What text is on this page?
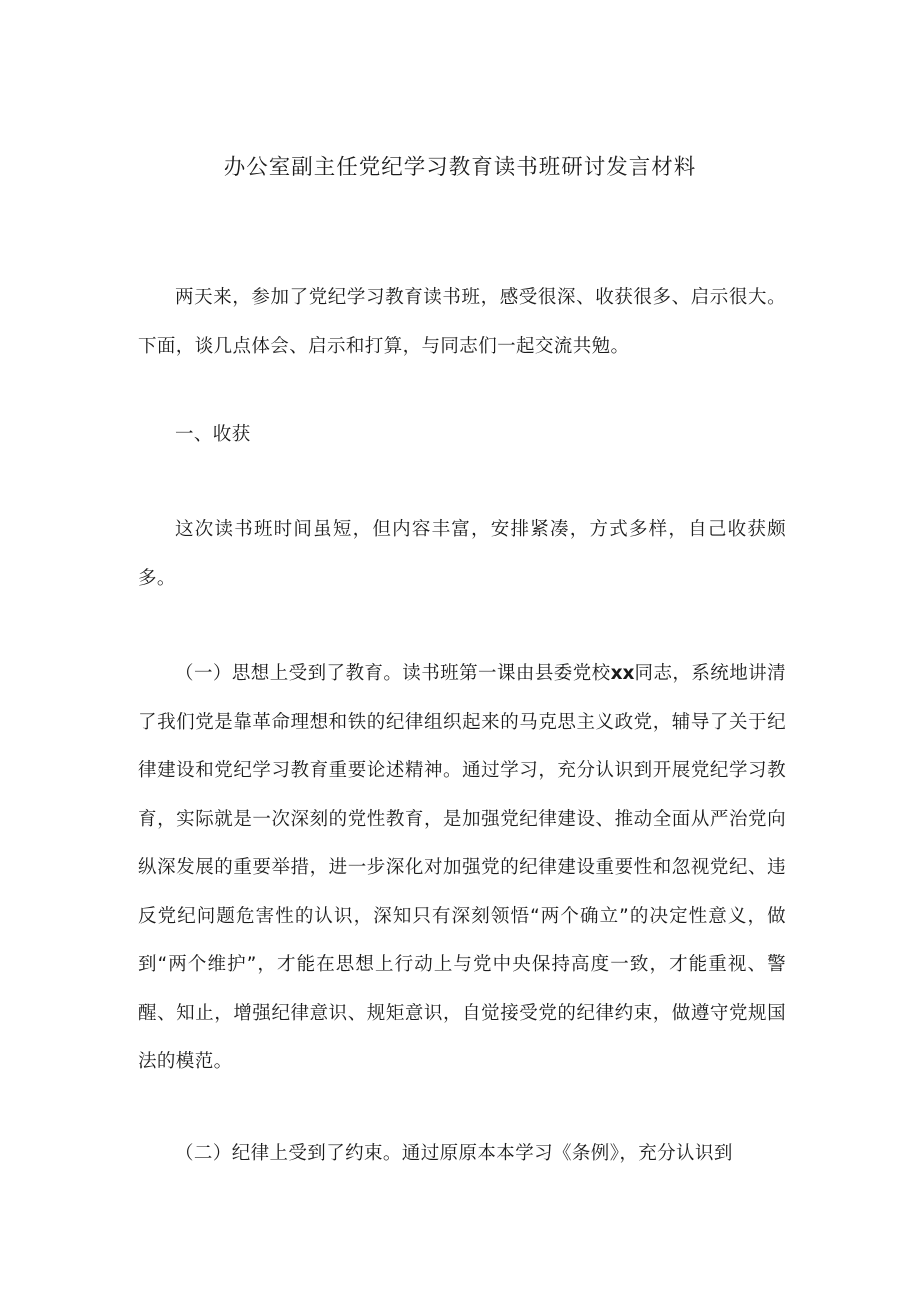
办公室副主任党纪学习教育读书班研讨发言材料

两天来，参加了党纪学习教育读书班，感受很深、收获很多、启示很大。下面，谈几点体会、启示和打算，与同志们一起交流共勉。

一、收获

这次读书班时间虽短，但内容丰富，安排紧凑，方式多样，自己收获颇多。

（一）思想上受到了教育。读书班第一课由县委党校xx同志，系统地讲清了我们党是靠革命理想和铁的纪律组织起来的马克思主义政党，辅导了关于纪律建设和党纪学习教育重要论述精神。通过学习，充分认识到开展党纪学习教育，实际就是一次深刻的党性教育，是加强党纪律建设、推动全面从严治党向纵深发展的重要举措，进一步深化对加强党的纪律建设重要性和忽视党纪、违反党纪问题危害性的认识，深知只有深刻领悟“两个确立”的决定性意义，做到“两个维护”，才能在思想上行动上与党中央保持高度一致，才能重视、警醒、知止，增强纪律意识、规矩意识，自觉接受党的纪律约束，做遵守党规国法的模范。

（二）纪律上受到了约束。通过原原本本学习《条例》，充分认识到
